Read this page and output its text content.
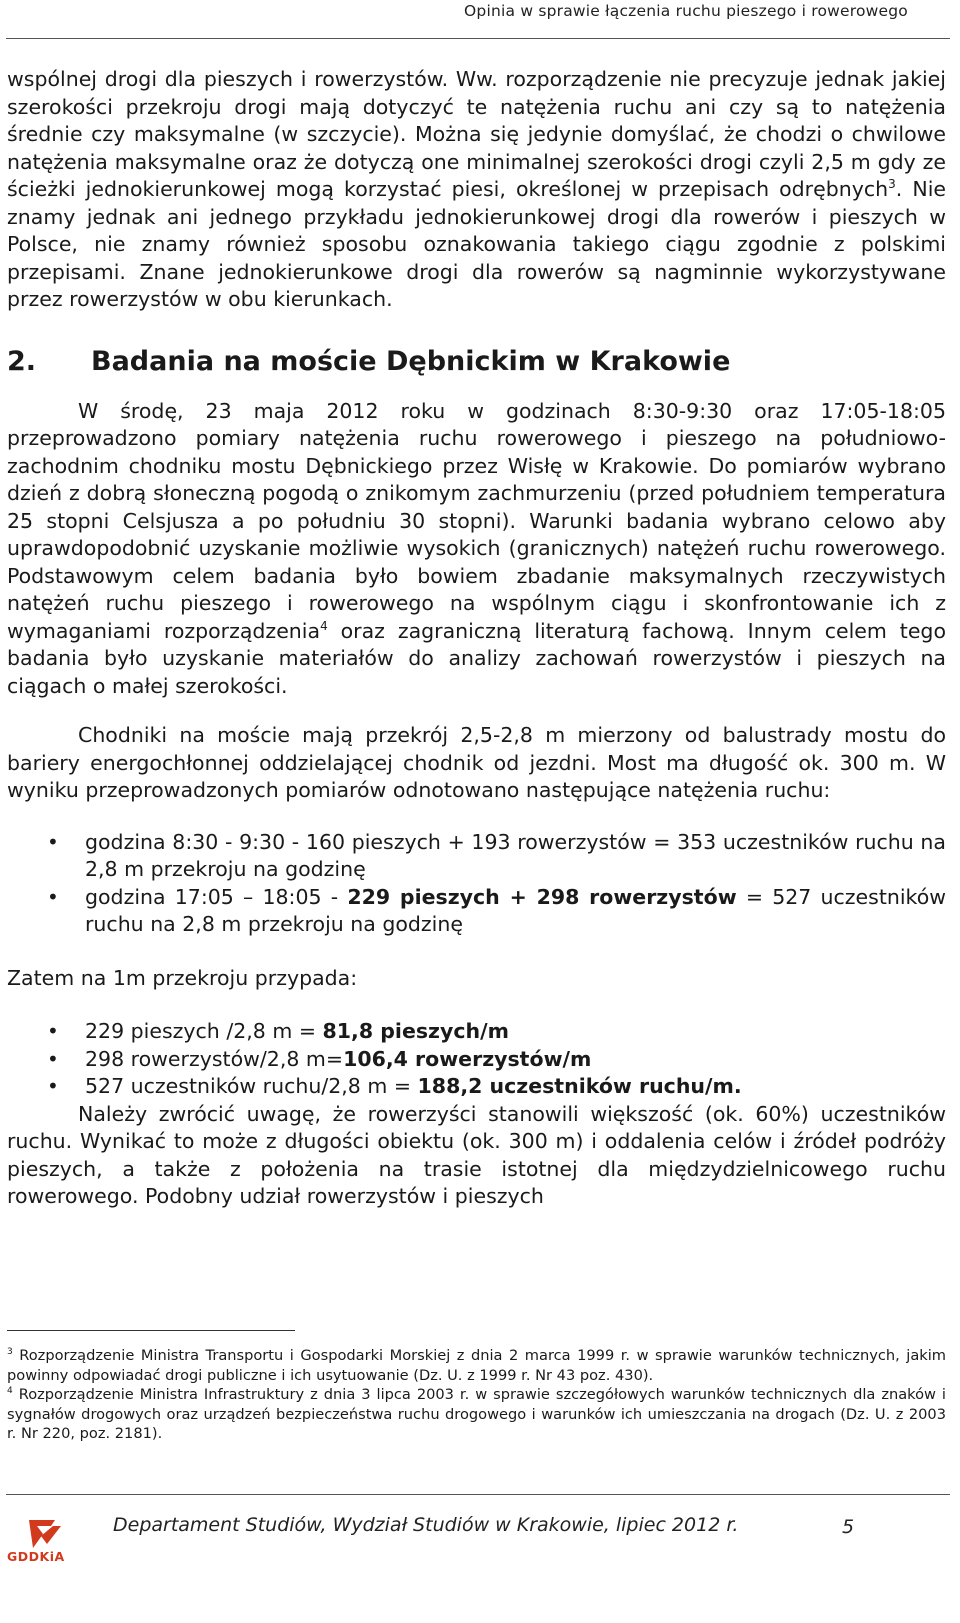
Opinia w sprawie łączenia ruchu pieszego i rowerowego

wspólnej drogi dla pieszych i rowerzystów. Ww. rozporządzenie nie precyzuje jednak jakiej szerokości przekroju drogi mają dotyczyć te natężenia ruchu ani czy są to natężenia średnie czy maksymalne (w szczycie). Można się jedynie domyślać, że chodzi o chwilowe natężenia maksymalne oraz że dotyczą one minimalnej szerokości drogi czyli 2,5 m gdy ze ścieżki jednokierunkowej mogą korzystać piesi, określonej w przepisach odrębnych$^3$. Nie znamy jednak ani jednego przykładu jednokierunkowej drogi dla rowerów i pieszych w Polsce, nie znamy również sposobu oznakowania takiego ciągu zgodnie z polskimi przepisami. Znane jednokierunkowe drogi dla rowerów są nagminnie wykorzystywane przez rowerzystów w obu kierunkach.

2.	Badania na moście Dębnickim w Krakowie

W środę, 23 maja 2012 roku w godzinach 8:30-9:30 oraz 17:05-18:05 przeprowadzono pomiary natężenia ruchu rowerowego i pieszego na południowo-zachodnim chodniku mostu Dębnickiego przez Wisłę w Krakowie. Do pomiarów wybrano dzień z dobrą słoneczną pogodą o znikomym zachmurzeniu (przed południem temperatura 25 stopni Celsjusza a po południu 30 stopni). Warunki badania wybrano celowo aby uprawdopodobnić uzyskanie możliwie wysokich (granicznych) natężeń ruchu rowerowego. Podstawowym celem badania było bowiem zbadanie maksymalnych rzeczywistych natężeń ruchu pieszego i rowerowego na wspólnym ciągu i skonfrontowanie ich z wymaganiami rozporządzenia$^4$ oraz zagraniczną literaturą fachową. Innym celem tego badania było uzyskanie materiałów do analizy zachowań rowerzystów i pieszych na ciągach o małej szerokości.

Chodniki na moście mają przekrój 2,5-2,8 m mierzony od balustrady mostu do bariery energochłonnej oddzielającej chodnik od jezdni. Most ma długość ok. 300 m. W wyniku przeprowadzonych pomiarów odnotowano następujące natężenia ruchu:

• godzina 8:30 - 9:30 - 160 pieszych + 193 rowerzystów = 353 uczestników ruchu na 2,8 m przekroju na godzinę
• godzina 17:05 – 18:05 - 229 pieszych + 298 rowerzystów = 527 uczestników ruchu na 2,8 m przekroju na godzinę

Zatem na 1m przekroju przypada:

• 229 pieszych /2,8 m = 81,8 pieszych/m
• 298 rowerzystów/2,8 m=106,4 rowerzystów/m
• 527 uczestników ruchu/2,8 m = 188,2 uczestników ruchu/m.

Należy zwrócić uwagę, że rowerzyści stanowili większość (ok. 60%) uczestników ruchu. Wynikać to może z długości obiektu (ok. 300 m) i oddalenia celów i źródeł podróży pieszych, a także z położenia na trasie istotnej dla międzydzielnicowego ruchu rowerowego. Podobny udział rowerzystów i pieszych

$^3$ Rozporządzenie Ministra Transportu i Gospodarki Morskiej z dnia 2 marca 1999 r. w sprawie warunków technicznych, jakim powinny odpowiadać drogi publiczne i ich usytuowanie (Dz. U. z 1999 r. Nr 43 poz. 430).

$^4$ Rozporządzenie Ministra Infrastruktury z dnia 3 lipca 2003 r. w sprawie szczegółowych warunków technicznych dla znaków i sygnałów drogowych oraz urządzeń bezpieczeństwa ruchu drogowego i warunków ich umieszczania na drogach (Dz. U. z 2003 r. Nr 220, poz. 2181).

GDDKiA
Departament Studiów, Wydział Studiów w Krakowie, lipiec 2012 r.	5
